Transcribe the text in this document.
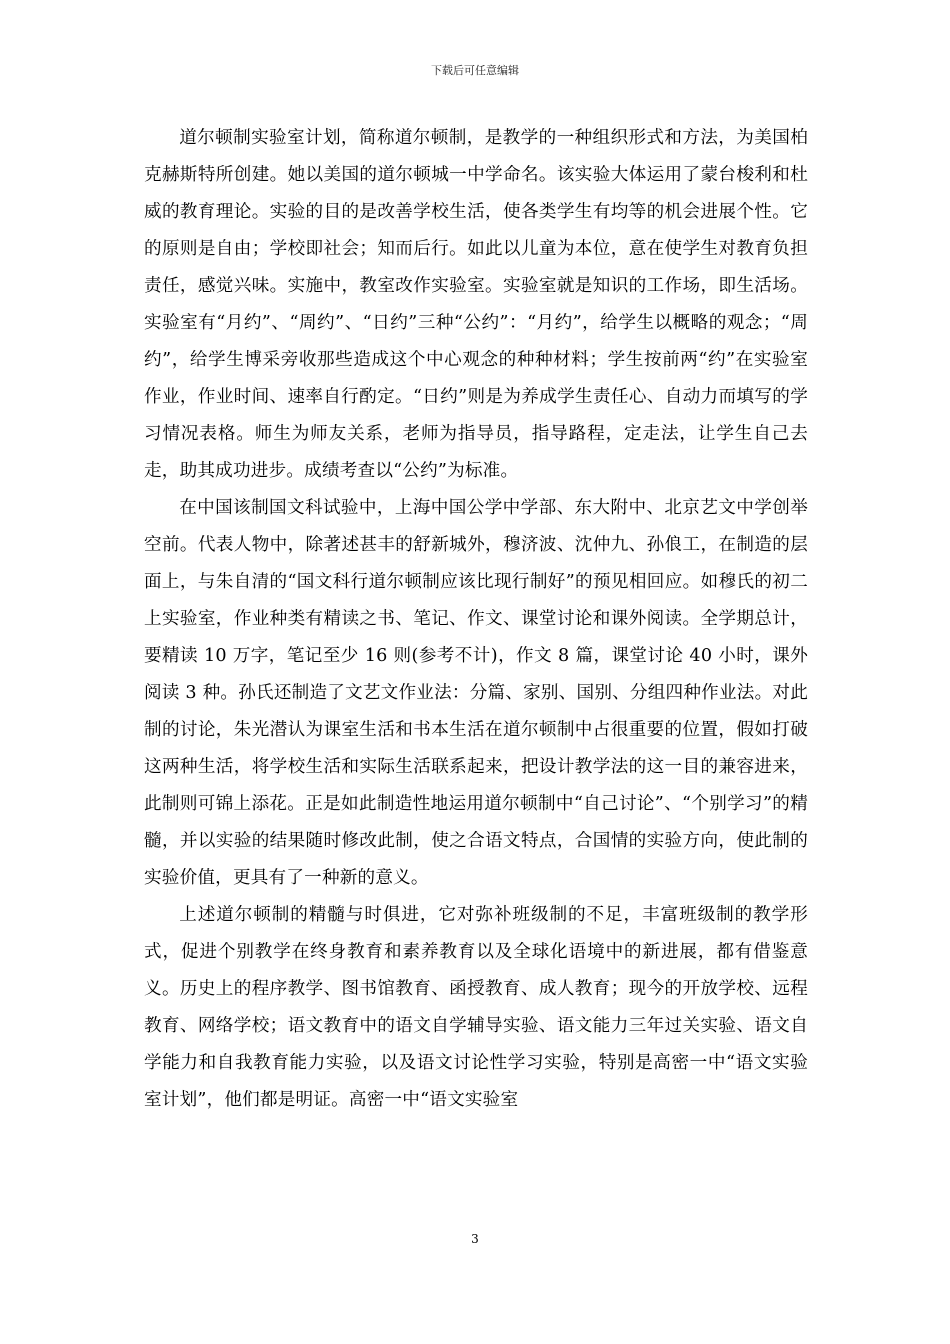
下载后可任意编辑

道尔顿制实验室计划，简称道尔顿制，是教学的一种组织形式和方法，为美国柏克赫斯特所创建。她以美国的道尔顿城一中学命名。该实验大体运用了蒙台梭利和杜威的教育理论。实验的目的是改善学校生活，使各类学生有均等的机会进展个性。它的原则是自由；学校即社会；知而后行。如此以儿童为本位，意在使学生对教育负担责任，感觉兴味。实施中，教室改作实验室。实验室就是知识的工作场，即生活场。实验室有“月约”、“周约”、“日约”三种“公约”：“月约”，给学生以概略的观念；“周约”，给学生博采旁收那些造成这个中心观念的种种材料；学生按前两“约”在实验室作业，作业时间、速率自行酌定。“日约”则是为养成学生责任心、自动力而填写的学习情况表格。师生为师友关系，老师为指导员，指导路程，定走法，让学生自己去走，助其成功进步。成绩考查以“公约”为标准。

在中国该制国文科试验中，上海中国公学中学部、东大附中、北京艺文中学创举空前。代表人物中，除著述甚丰的舒新城外，穆济波、沈仲九、孙俍工，在制造的层面上，与朱自清的“国文科行道尔顿制应该比现行制好”的预见相回应。如穆氏的初二上实验室，作业种类有精读之书、笔记、作文、课堂讨论和课外阅读。全学期总计，要精读 10 万字，笔记至少 16 则(参考不计)，作文 8 篇，课堂讨论 40 小时，课外阅读 3 种。孙氏还制造了文艺文作业法：分篇、家别、国别、分组四种作业法。对此制的讨论，朱光潜认为课室生活和书本生活在道尔顿制中占很重要的位置，假如打破这两种生活，将学校生活和实际生活联系起来，把设计教学法的这一目的兼容进来，此制则可锦上添花。正是如此制造性地运用道尔顿制中“自己讨论”、“个别学习”的精髓，并以实验的结果随时修改此制，使之合语文特点，合国情的实验方向，使此制的实验价值，更具有了一种新的意义。

上述道尔顿制的精髓与时俱进，它对弥补班级制的不足，丰富班级制的教学形式，促进个别教学在终身教育和素养教育以及全球化语境中的新进展，都有借鉴意义。历史上的程序教学、图书馆教育、函授教育、成人教育；现今的开放学校、远程教育、网络学校；语文教育中的语文自学辅导实验、语文能力三年过关实验、语文自学能力和自我教育能力实验，以及语文讨论性学习实验，特别是高密一中“语文实验室计划”，他们都是明证。高密一中“语文实验室

3
